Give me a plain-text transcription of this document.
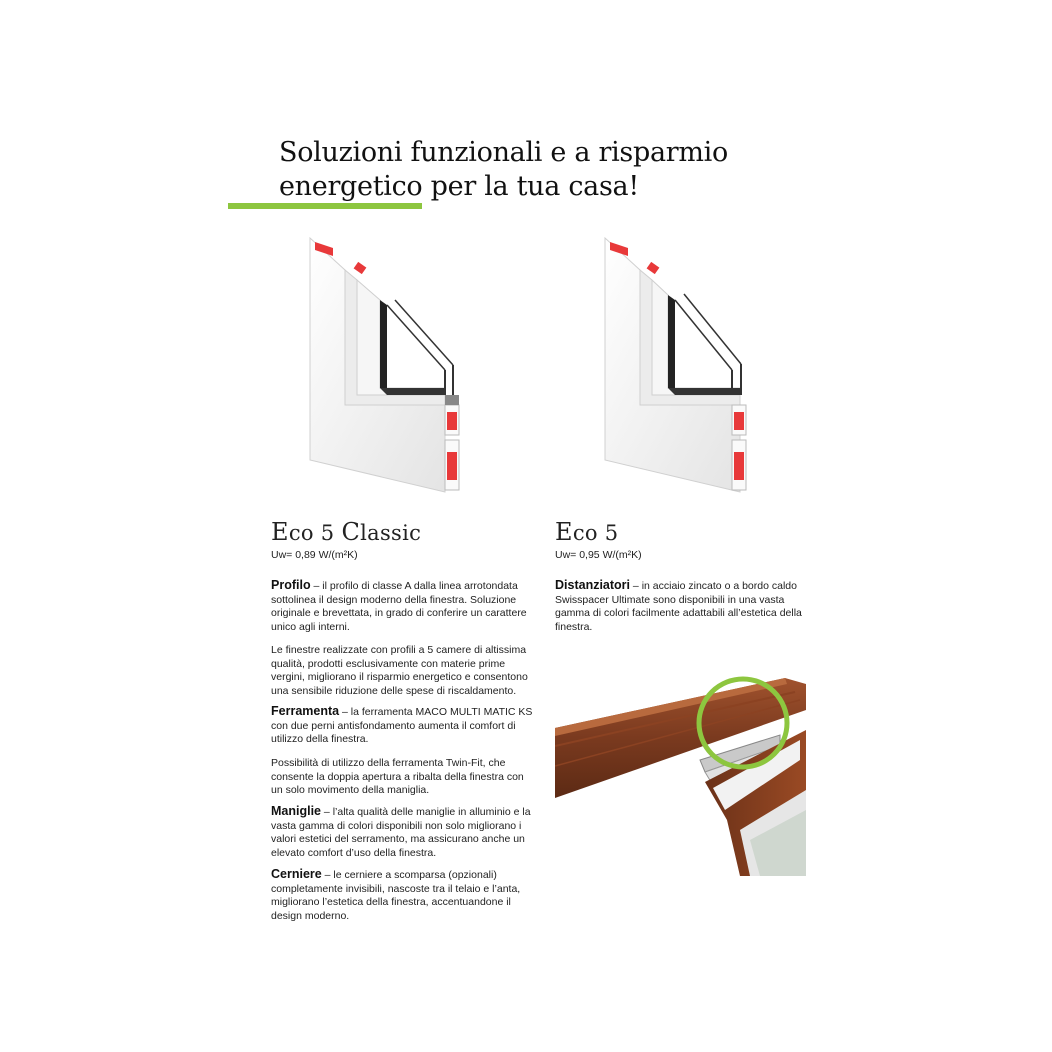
Soluzioni funzionali e a risparmio
energetico per la tua casa!
Eco 5 Classic
Uw= 0,89 W/(m²K)
Eco 5
Uw= 0,95 W/(m²K)
Profilo – il profilo di classe A dalla linea arrotondata sottolinea il design moderno della finestra. Soluzione originale e brevettata, in grado di conferire un carattere unico agli interni.
Le finestre realizzate con profili a 5 camere di altissima qualità, prodotti esclusivamente con materie prime vergini, migliorano il risparmio energetico e consentono una sensibile riduzione delle spese di riscaldamento.
Ferramenta – la ferramenta MACO MULTI MATIC KS con due perni antisfondamento aumenta il comfort di utilizzo della finestra.
Possibilità di utilizzo della ferramenta Twin-Fit, che consente la doppia apertura a ribalta della finestra con un solo movimento della maniglia.
Maniglie – l’alta qualità delle maniglie in alluminio e la vasta gamma di colori disponibili non solo migliorano i valori estetici del serramento, ma assicurano anche un elevato comfort d’uso della finestra.
Cerniere – le cerniere a scomparsa (opzionali) completamente invisibili, nascoste tra il telaio e l’anta, migliorano l’estetica della finestra, accentuandone il design moderno.
Distanziatori – in acciaio zincato o a bordo caldo Swisspacer Ultimate sono disponibili in una vasta gamma di colori facilmente adattabili all’estetica della finestra.
